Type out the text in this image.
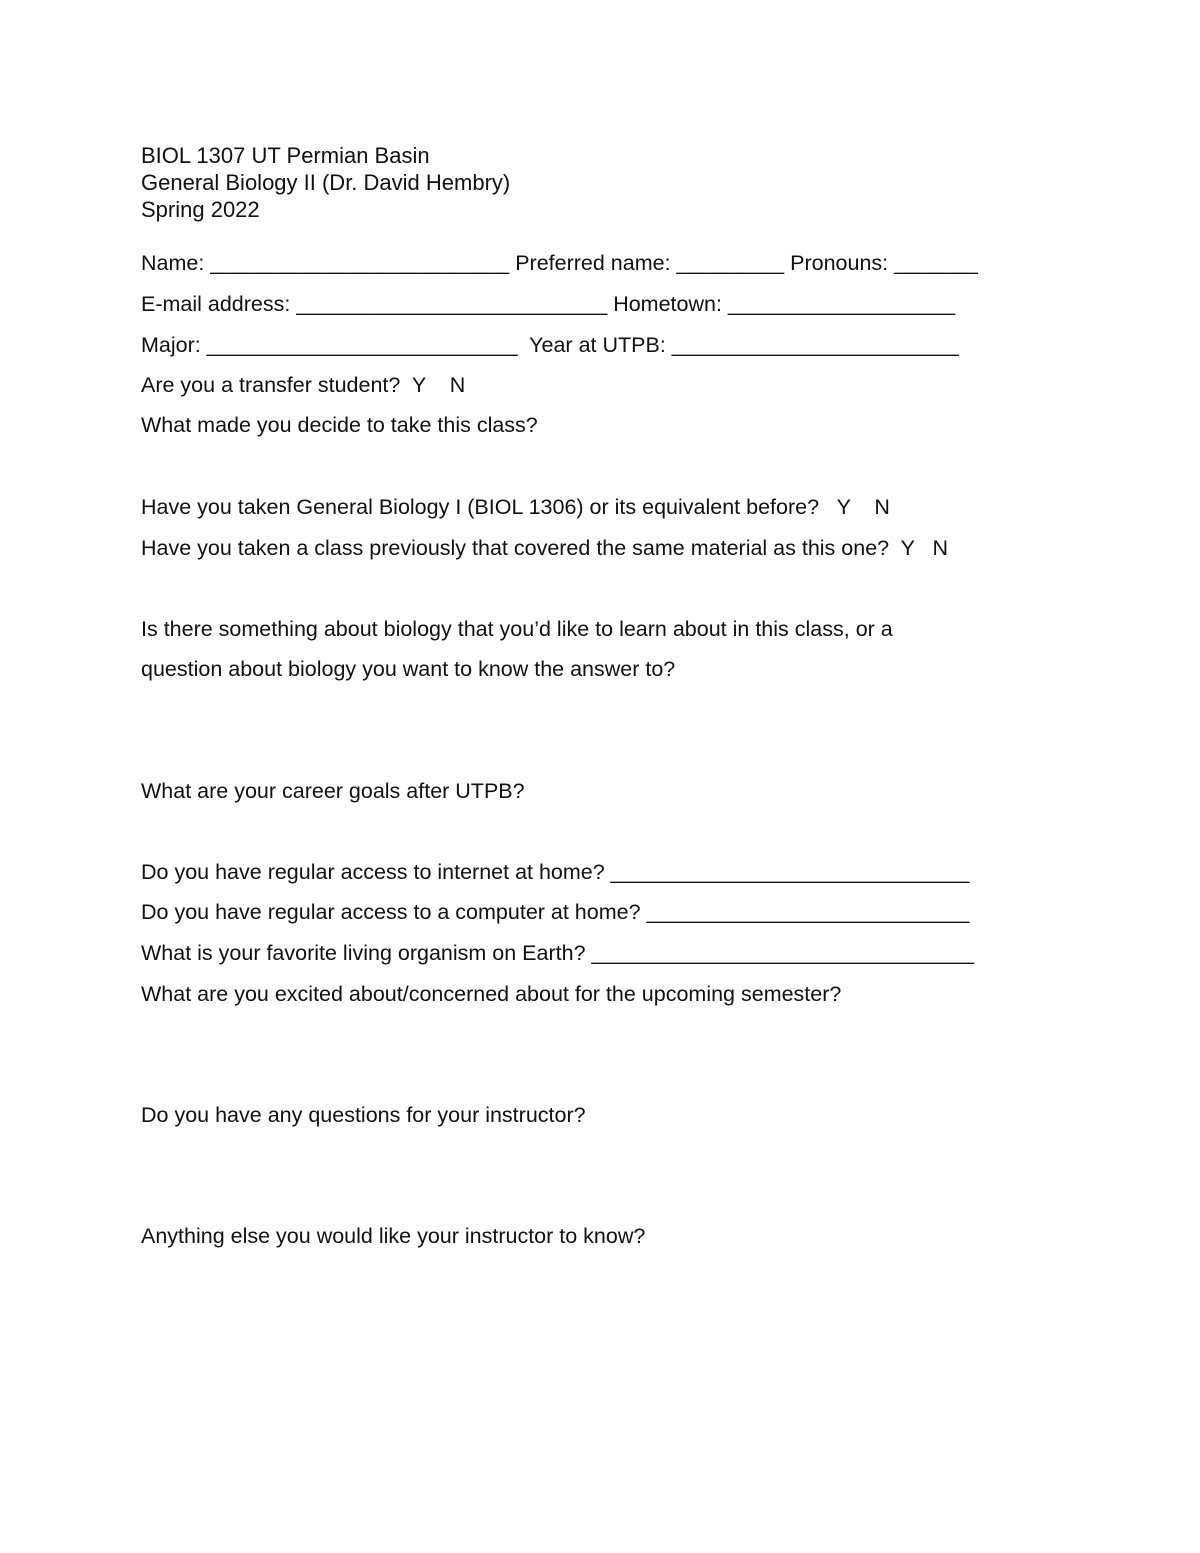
BIOL 1307 UT Permian Basin
General Biology II (Dr. David Hembry)
Spring 2022
Name: _________________________ Preferred name: _________ Pronouns: _______
E-mail address: __________________________ Hometown: ___________________
Major: __________________________  Year at UTPB: ________________________
Are you a transfer student?  Y    N
What made you decide to take this class?
Have you taken General Biology I (BIOL 1306) or its equivalent before?   Y    N
Have you taken a class previously that covered the same material as this one?  Y   N
Is there something about biology that you’d like to learn about in this class, or a
question about biology you want to know the answer to?
What are your career goals after UTPB?
Do you have regular access to internet at home? ______________________________
Do you have regular access to a computer at home? ___________________________
What is your favorite living organism on Earth? ________________________________
What are you excited about/concerned about for the upcoming semester?
Do you have any questions for your instructor?
Anything else you would like your instructor to know?
